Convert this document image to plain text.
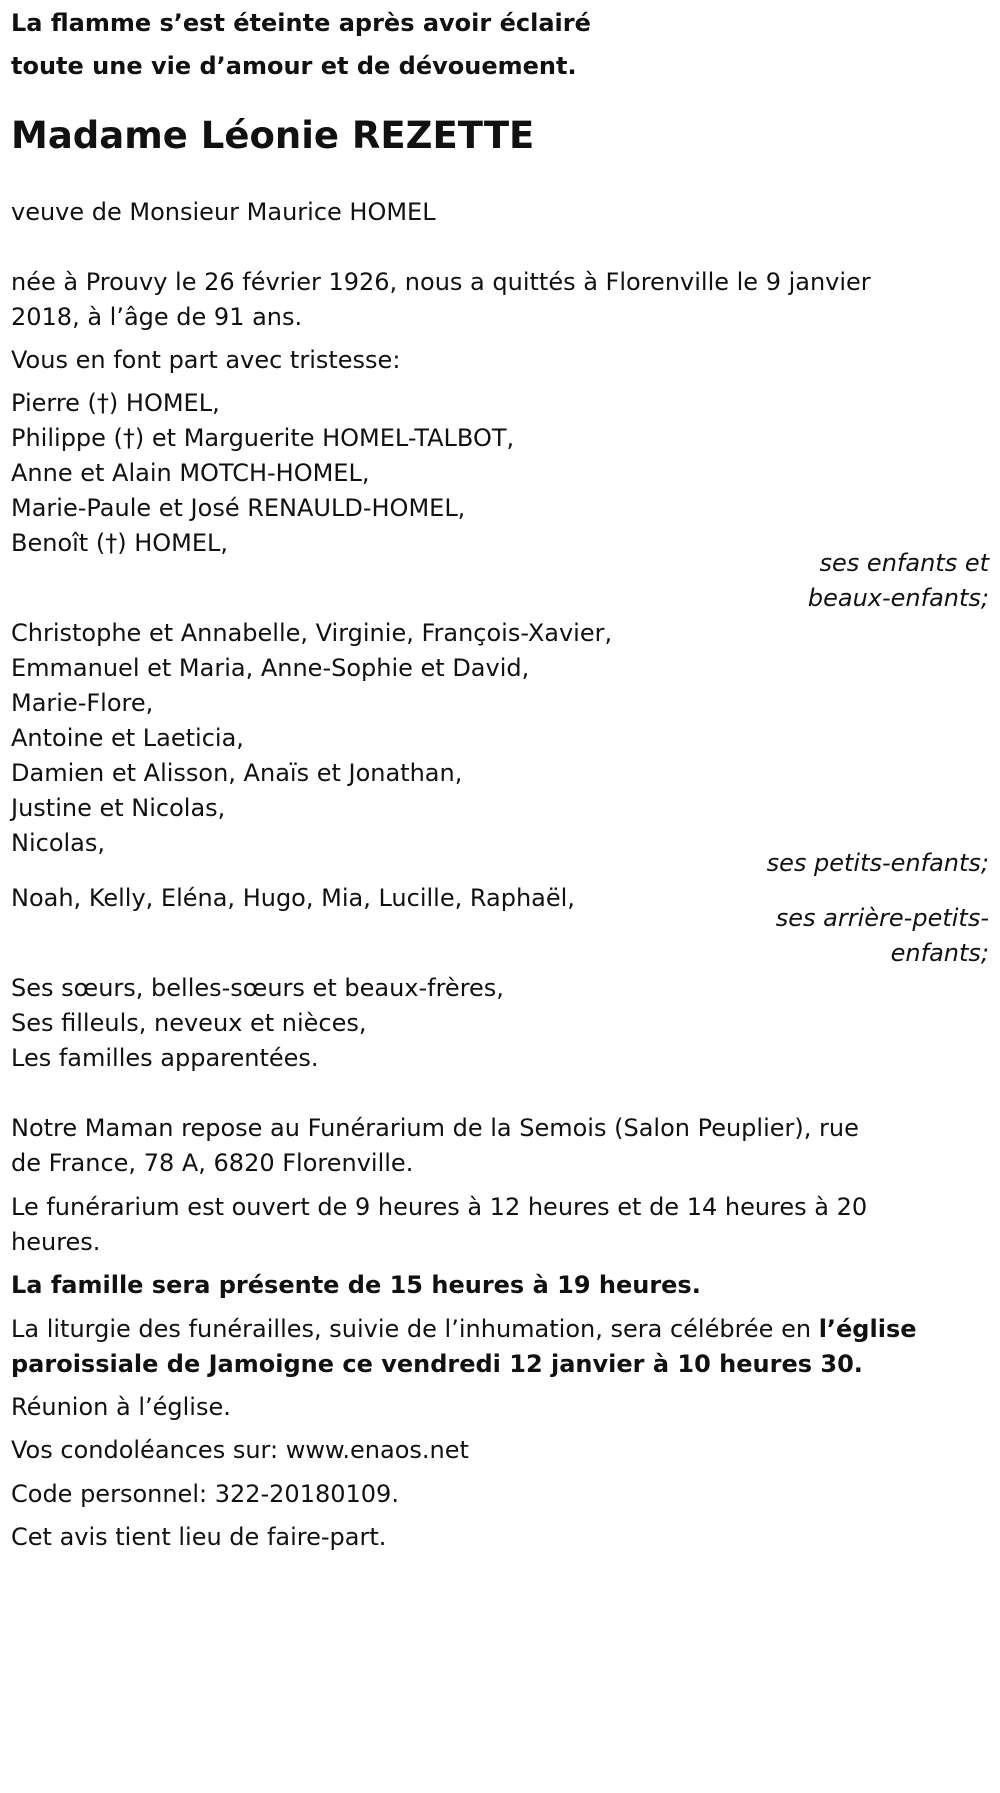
La flamme s’est éteinte après avoir éclairé
toute une vie d’amour et de dévouement.
Madame Léonie REZETTE
veuve de Monsieur Maurice HOMEL
née à Prouvy le 26 février 1926, nous a quittés à Florenville le 9 janvier
2018, à l’âge de 91 ans.
Vous en font part avec tristesse:
Pierre (†) HOMEL,
Philippe (†) et Marguerite HOMEL-TALBOT,
Anne et Alain MOTCH-HOMEL,
Marie-Paule et José RENAULD-HOMEL,
Benoît (†) HOMEL,
ses enfants et
beaux-enfants;
Christophe et Annabelle, Virginie, François-Xavier,
Emmanuel et Maria, Anne-Sophie et David,
Marie-Flore,
Antoine et Laeticia,
Damien et Alisson, Anaïs et Jonathan,
Justine et Nicolas,
Nicolas,
ses petits-enfants;
Noah, Kelly, Eléna, Hugo, Mia, Lucille, Raphaël,
ses arrière-petits-
enfants;
Ses sœurs, belles-sœurs et beaux-frères,
Ses filleuls, neveux et nièces,
Les familles apparentées.
Notre Maman repose au Funérarium de la Semois (Salon Peuplier), rue
de France, 78 A, 6820 Florenville.
Le funérarium est ouvert de 9 heures à 12 heures et de 14 heures à 20
heures.
La famille sera présente de 15 heures à 19 heures.
La liturgie des funérailles, suivie de l’inhumation, sera célébrée en l’église
paroissiale de Jamoigne ce vendredi 12 janvier à 10 heures 30.
Réunion à l’église.
Vos condoléances sur: www.enaos.net
Code personnel: 322-20180109.
Cet avis tient lieu de faire-part.
